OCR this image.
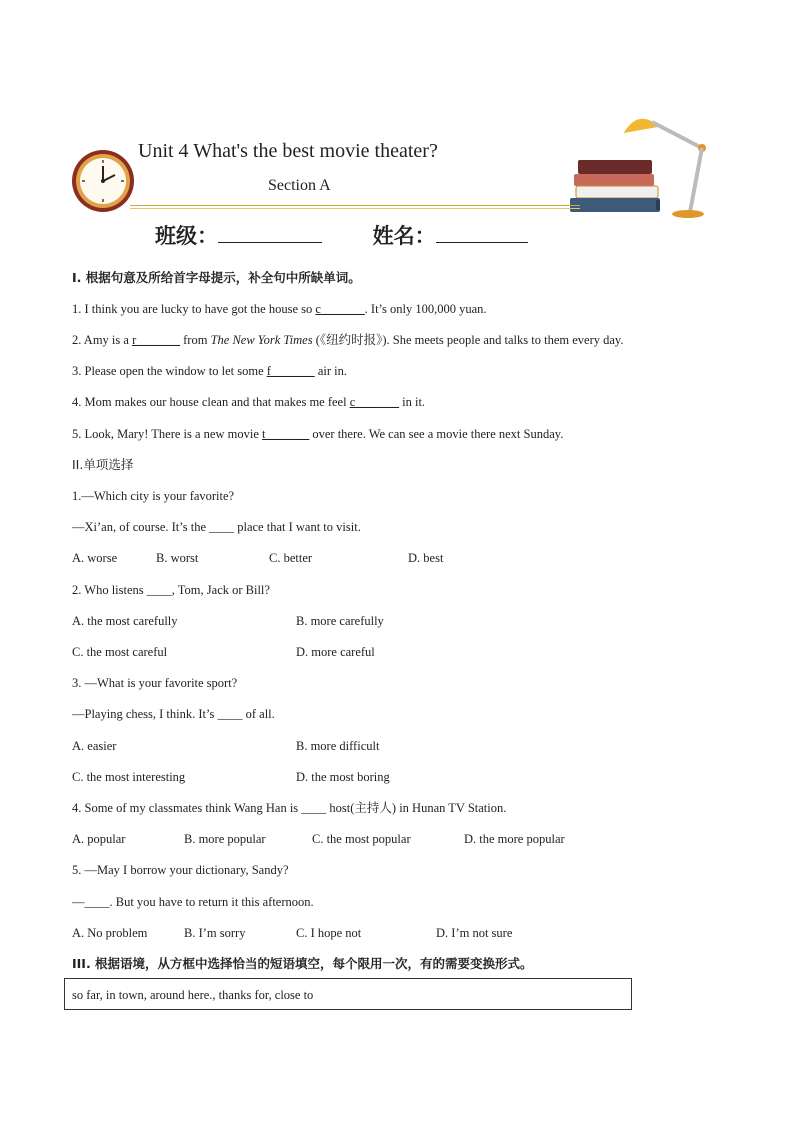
Unit 4 What's the best movie theater?
Section A
班级：	姓名：
Ⅰ. 根据句意及所给首字母提示，补全句中所缺单词。
1. I think you are lucky to have got the house so c_______. It’s only 100,000 yuan.
2. Amy is a r_______ from The New York Times (《纽约时报》). She meets people and talks to them every day.
3. Please open the window to let some f_______ air in.
4. Mom makes our house clean and that makes me feel c_______ in it.
5. Look, Mary! There is a new movie t_______ over there. We can see a movie there next Sunday.
II.单项选择
1.—Which city is your favorite?
—Xi’an, of course. It’s the ____ place that I want to visit.
A. worse	B. worst	C. better	D. best
2. Who listens ____, Tom, Jack or Bill?
A. the most carefully	B. more carefully
C. the most careful	D. more careful
3. —What is your favorite sport?
—Playing chess, I think. It’s ____ of all.
A. easier	B. more difficult
C. the most interesting	D. the most boring
4. Some of my classmates think Wang Han is ____ host(主持人) in Hunan TV Station.
A. popular	B. more popular	C. the most popular	D. the more popular
5. —May I borrow your dictionary, Sandy?
—____. But you have to return it this afternoon.
A. No problem	B. I’m sorry	C. I hope not	D. I’m not sure
III. 根据语境，从方框中选择恰当的短语填空，每个限用一次，有的需要变换形式。
so far, in town, around here., thanks for, close to
